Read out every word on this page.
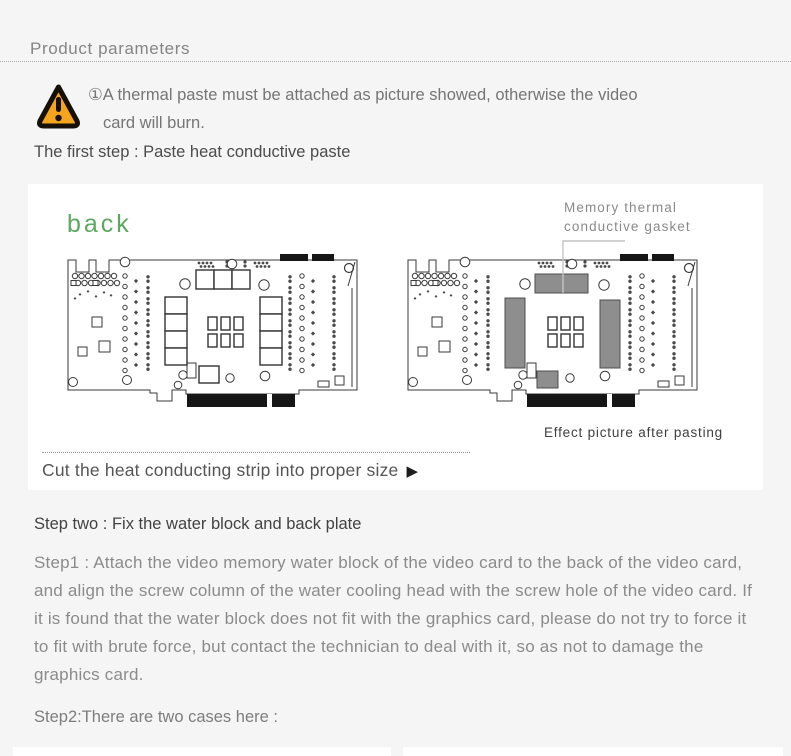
Product parameters
①A thermal paste must be attached as picture showed, otherwise the video
card will burn.
The first step : Paste heat conductive paste
back
Memory thermal
conductive gasket
Effect picture after pasting
Cut the heat conducting strip into proper size ▶
Step two : Fix the water block and back plate
Step1 : Attach the video memory water block of the video card to the back of the video card, and align the screw column of the water cooling head with the screw hole of the video card. If it is found that the water block does not fit with the graphics card, please do not try to force it to fit with brute force, but contact the technician to deal with it, so as not to damage the graphics card.
Step2:There are two cases here :
